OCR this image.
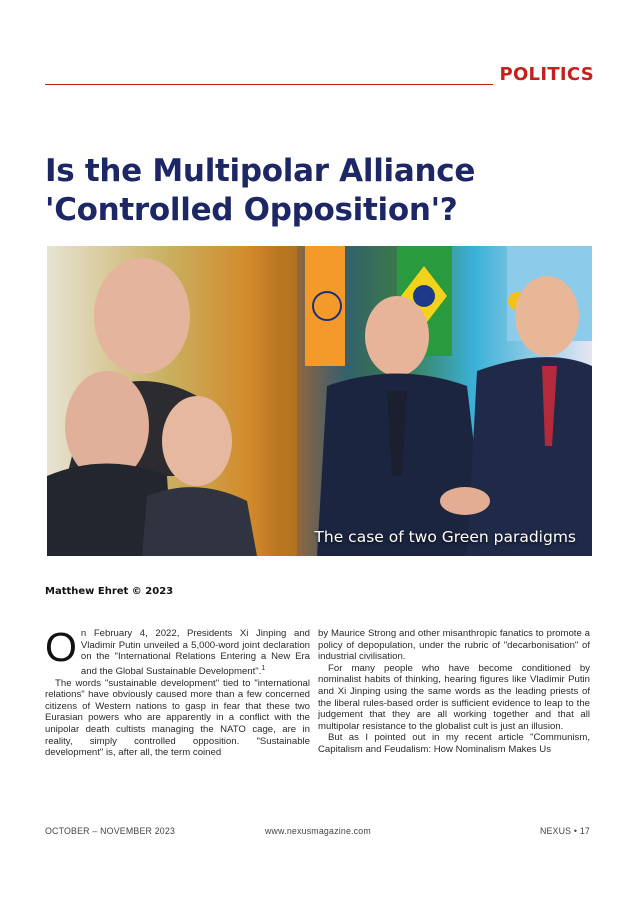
POLITICS
Is the Multipolar Alliance
'Controlled Opposition'?
The case of two Green paradigms
Matthew Ehret © 2023

On February 4, 2022, Presidents Xi Jinping and Vladimir Putin unveiled a 5,000-word joint declaration on the "International Relations Entering a New Era and the Global Sustainable Development".$^1$

The words "sustainable development" tied to "international relations" have obviously caused more than a few concerned citizens of Western nations to gasp in fear that these two Eurasian powers who are apparently in a conflict with the unipolar death cultists managing the NATO cage, are in reality, simply controlled opposition. "Sustainable development" is, after all, the term coined

by Maurice Strong and other misanthropic fanatics to promote a policy of depopulation, under the rubric of "decarbonisation" of industrial civilisation.

For many people who have become conditioned by nominalist habits of thinking, hearing figures like Vladimir Putin and Xi Jinping using the same words as the leading priests of the liberal rules-based order is sufficient evidence to leap to the judgement that they are all working together and that all multipolar resistance to the globalist cult is just an illusion.

But as I pointed out in my recent article "Communism, Capitalism and Feudalism: How Nominalism Makes Us

OCTOBER – NOVEMBER 2023	www.nexusmagazine.com	NEXUS • 17
